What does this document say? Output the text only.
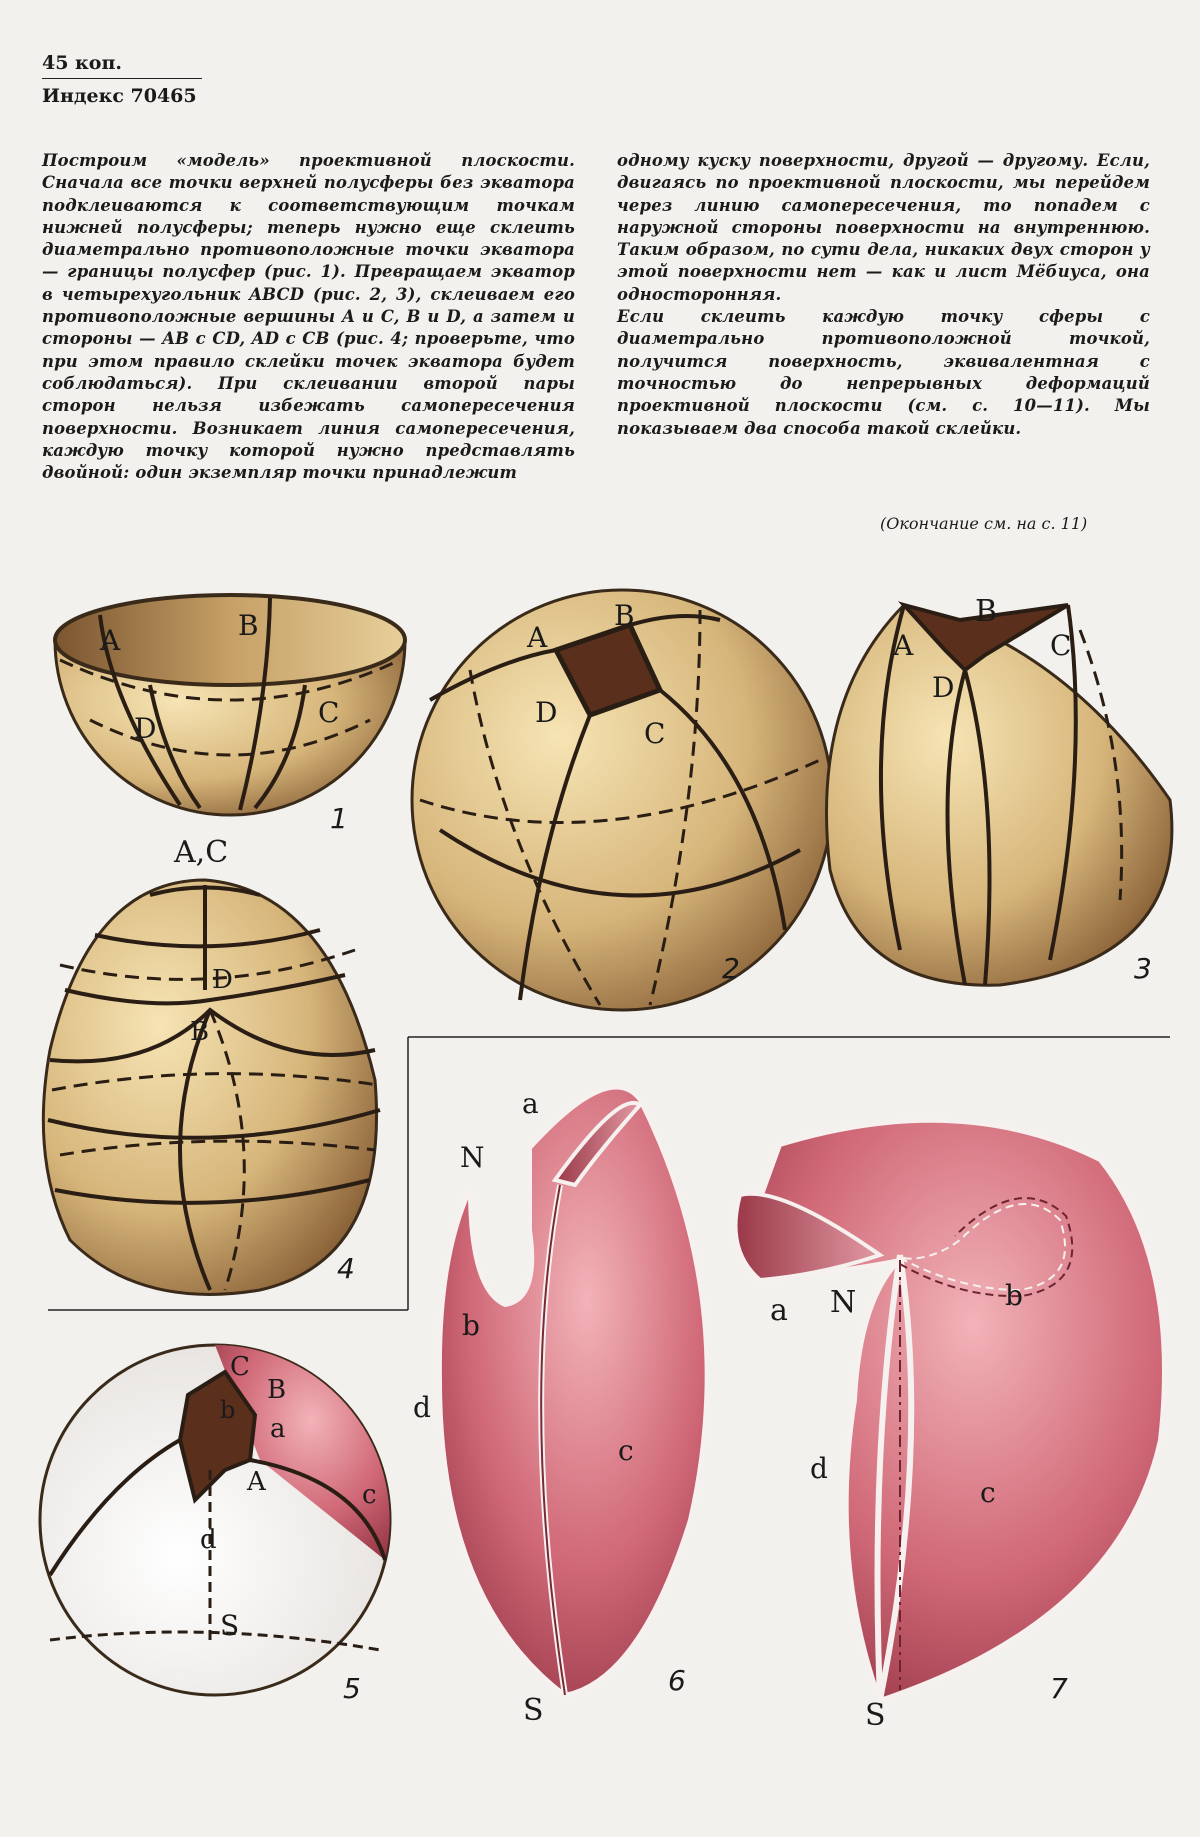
45 коп.
Индекс 70465

Построим «модель» проективной плоскости. Сначала все точки верхней полусферы без экватора подклеиваются к соответствующим точкам нижней полусферы; теперь нужно еще склеить диаметрально противоположные точки экватора — границы полусфер (рис. 1). Превращаем экватор в четырехугольник ABCD (рис. 2, 3), склеиваем его противоположные вершины A и C, B и D, а затем и стороны — AB с CD, AD с CB (рис. 4; проверьте, что при этом правило склейки точек экватора будет соблюдаться). При склеивании второй пары сторон нельзя избежать самопересечения поверхности. Возникает линия самопересечения, каждую точку которой нужно представлять двойной: один экземпляр точки принадлежит

одному куску поверхности, другой — другому. Если, двигаясь по проективной плоскости, мы перейдем через линию самопересечения, то попадем с наружной стороны поверхности на внутреннюю. Таким образом, по сути дела, никаких двух сторон у этой поверхности нет — как и лист Мёбиуса, она односторонняя.

Если склеить каждую точку сферы с диаметрально противоположной точкой, получится поверхность, эквивалентная с точностью до непрерывных деформаций проективной плоскости (см. с. 10—11). Мы показываем два способа такой склейки.

(Окончание см. на с. 11)
A	B
C
D
1
A
B
C
D
2
B
A	C
D
3
A,C
D
B
4
C
B
b
a
A	c
d
S
5
a
N
b
d
c
S
6
a N	b
d
c
S
7
